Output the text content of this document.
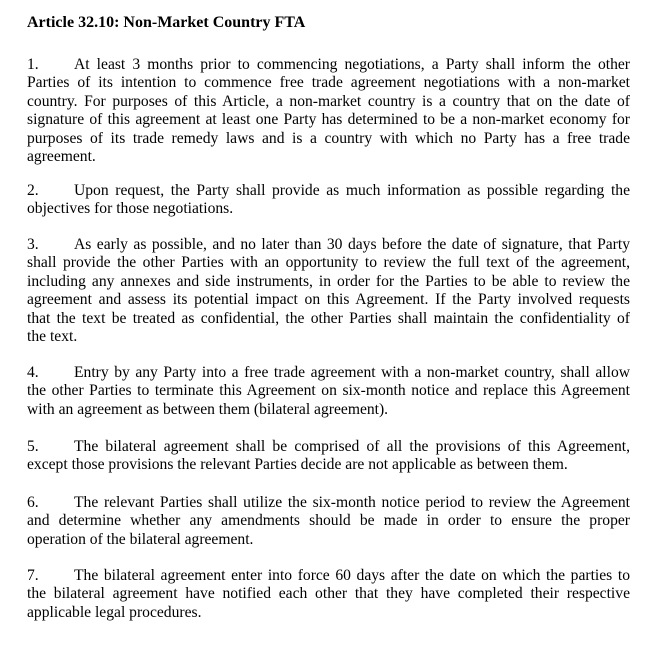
Article 32.10: Non-Market Country FTA
1. At least 3 months prior to commencing negotiations, a Party shall inform the other
Parties of its intention to commence free trade agreement negotiations with a non-market
country. For purposes of this Article, a non-market country is a country that on the date of
signature of this agreement at least one Party has determined to be a non-market economy for
purposes of its trade remedy laws and is a country with which no Party has a free trade
agreement.
2. Upon request, the Party shall provide as much information as possible regarding the
objectives for those negotiations.
3. As early as possible, and no later than 30 days before the date of signature, that Party
shall provide the other Parties with an opportunity to review the full text of the agreement,
including any annexes and side instruments, in order for the Parties to be able to review the
agreement and assess its potential impact on this Agreement. If the Party involved requests
that the text be treated as confidential, the other Parties shall maintain the confidentiality of
the text.
4. Entry by any Party into a free trade agreement with a non-market country, shall allow
the other Parties to terminate this Agreement on six-month notice and replace this Agreement
with an agreement as between them (bilateral agreement).
5. The bilateral agreement shall be comprised of all the provisions of this Agreement,
except those provisions the relevant Parties decide are not applicable as between them.
6. The relevant Parties shall utilize the six-month notice period to review the Agreement
and determine whether any amendments should be made in order to ensure the proper
operation of the bilateral agreement.
7. The bilateral agreement enter into force 60 days after the date on which the parties to
the bilateral agreement have notified each other that they have completed their respective
applicable legal procedures.
